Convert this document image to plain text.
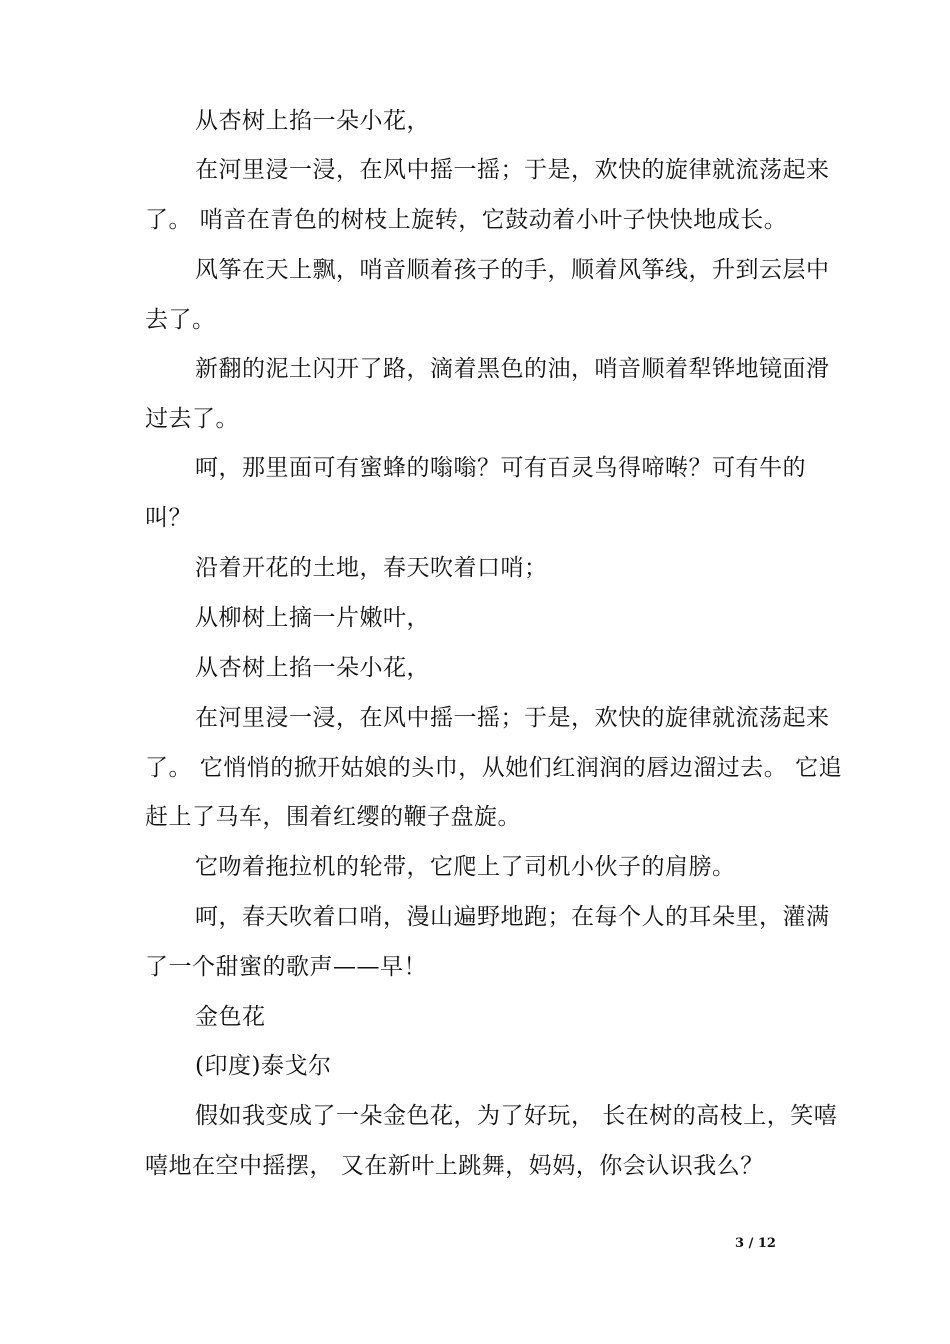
从杏树上掐一朵小花，
在河里浸一浸，在风中摇一摇；于是，欢快的旋律就流荡起来
了。 哨音在青色的树枝上旋转，它鼓动着小叶子快快地成长。
风筝在天上飘，哨音顺着孩子的手，顺着风筝线，升到云层中
去了。
新翻的泥土闪开了路，滴着黑色的油，哨音顺着犁铧地镜面滑
过去了。
呵，那里面可有蜜蜂的嗡嗡？可有百灵鸟得啼啭？可有牛的
叫？
沿着开花的土地，春天吹着口哨；
从柳树上摘一片嫩叶，
从杏树上掐一朵小花，
在河里浸一浸，在风中摇一摇；于是，欢快的旋律就流荡起来
了。 它悄悄的掀开姑娘的头巾，从她们红润润的唇边溜过去。 它追
赶上了马车，围着红缨的鞭子盘旋。
它吻着拖拉机的轮带，它爬上了司机小伙子的肩膀。
呵，春天吹着口哨，漫山遍野地跑；在每个人的耳朵里，灌满
了一个甜蜜的歌声——早！
金色花
(印度)泰戈尔
假如我变成了一朵金色花，为了好玩， 长在树的高枝上，笑嘻
嘻地在空中摇摆， 又在新叶上跳舞，妈妈，你会认识我么？
3 / 12
